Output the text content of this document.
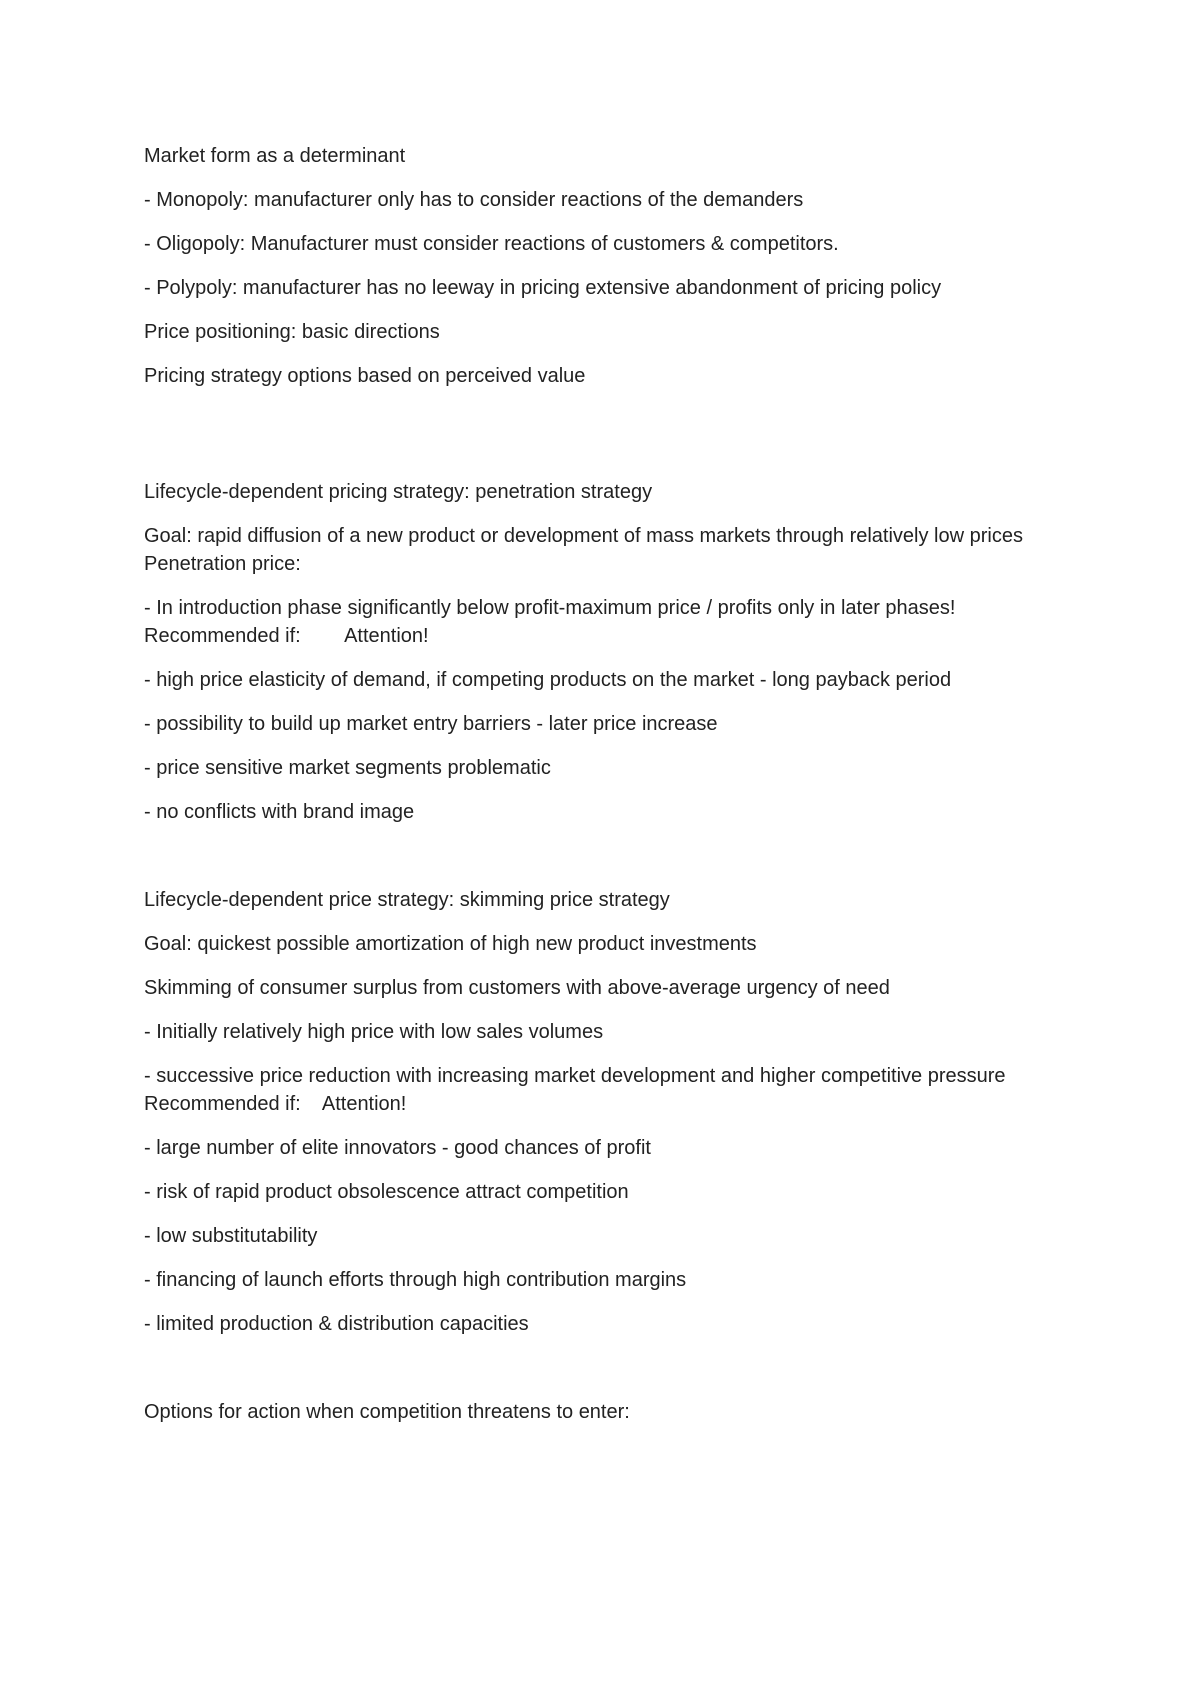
Market form as a determinant

- Monopoly: manufacturer only has to consider reactions of the demanders

- Oligopoly: Manufacturer must consider reactions of customers & competitors.

- Polypoly: manufacturer has no leeway in pricing extensive abandonment of pricing policy

Price positioning: basic directions

Pricing strategy options based on perceived value

Lifecycle-dependent pricing strategy: penetration strategy

Goal: rapid diffusion of a new product or development of mass markets through relatively low prices Penetration price:

- In introduction phase significantly below profit-maximum price / profits only in later phases! Recommended if:        Attention!

- high price elasticity of demand, if competing products on the market - long payback period

- possibility to build up market entry barriers - later price increase

- price sensitive market segments problematic

- no conflicts with brand image

Lifecycle-dependent price strategy: skimming price strategy

Goal: quickest possible amortization of high new product investments

Skimming of consumer surplus from customers with above-average urgency of need

- Initially relatively high price with low sales volumes

- successive price reduction with increasing market development and higher competitive pressure Recommended if:    Attention!

- large number of elite innovators - good chances of profit

- risk of rapid product obsolescence attract competition

- low substitutability

- financing of launch efforts through high contribution margins

- limited production & distribution capacities

Options for action when competition threatens to enter:
